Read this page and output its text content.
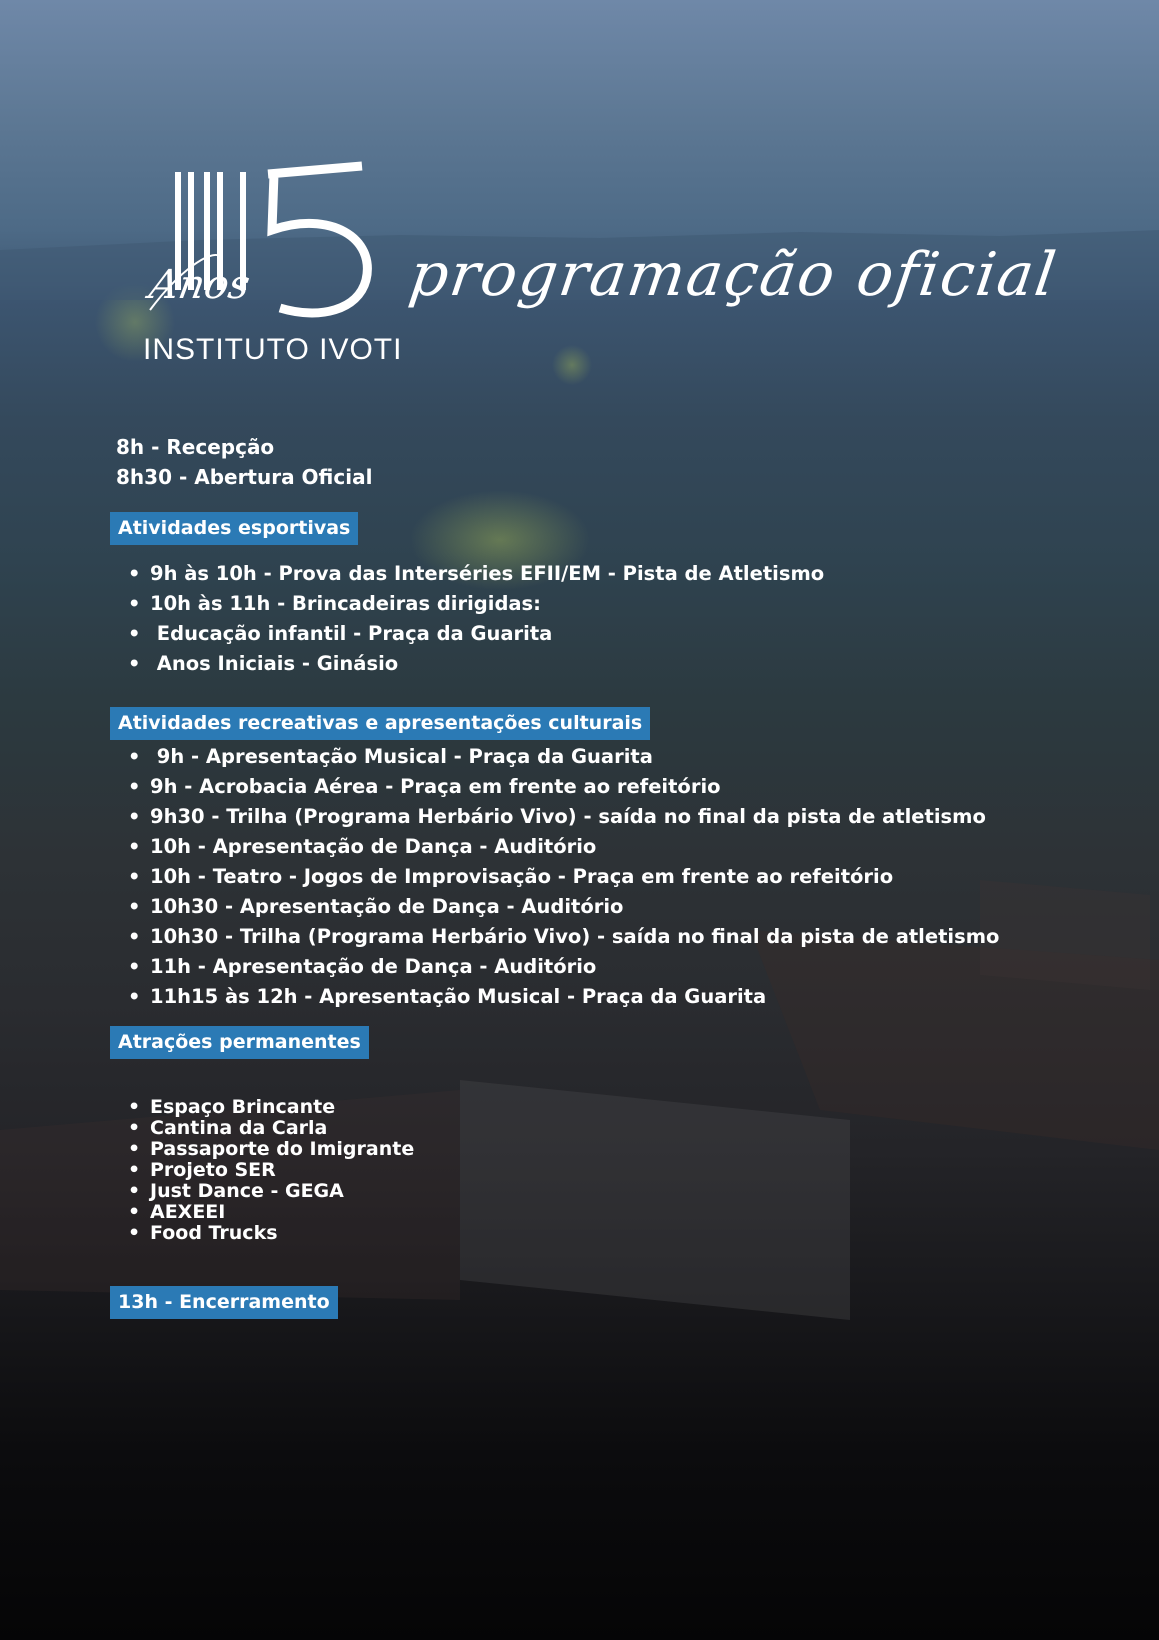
Anos
INSTITUTO IVOTI
programação oficial

8h - Recepção

8h30 - Abertura Oficial

Atividades esportivas
• 9h às 10h - Prova das Interséries EFII/EM - Pista de Atletismo
• 10h às 11h - Brincadeiras dirigidas:
• Educação infantil - Praça da Guarita
• Anos Iniciais - Ginásio
Atividades recreativas e apresentações culturais
• 9h - Apresentação Musical - Praça da Guarita
• 9h - Acrobacia Aérea - Praça em frente ao refeitório
• 9h30 - Trilha (Programa Herbário Vivo) - saída no final da pista de atletismo
• 10h - Apresentação de Dança - Auditório
• 10h - Teatro - Jogos de Improvisação - Praça em frente ao refeitório
• 10h30 - Apresentação de Dança - Auditório
• 10h30 - Trilha (Programa Herbário Vivo) - saída no final da pista de atletismo
• 11h - Apresentação de Dança - Auditório
• 11h15 às 12h - Apresentação Musical - Praça da Guarita
Atrações permanentes
• Espaço Brincante
• Cantina da Carla
• Passaporte do Imigrante
• Projeto SER
• Just Dance - GEGA
• AEXEEI
• Food Trucks
13h - Encerramento
